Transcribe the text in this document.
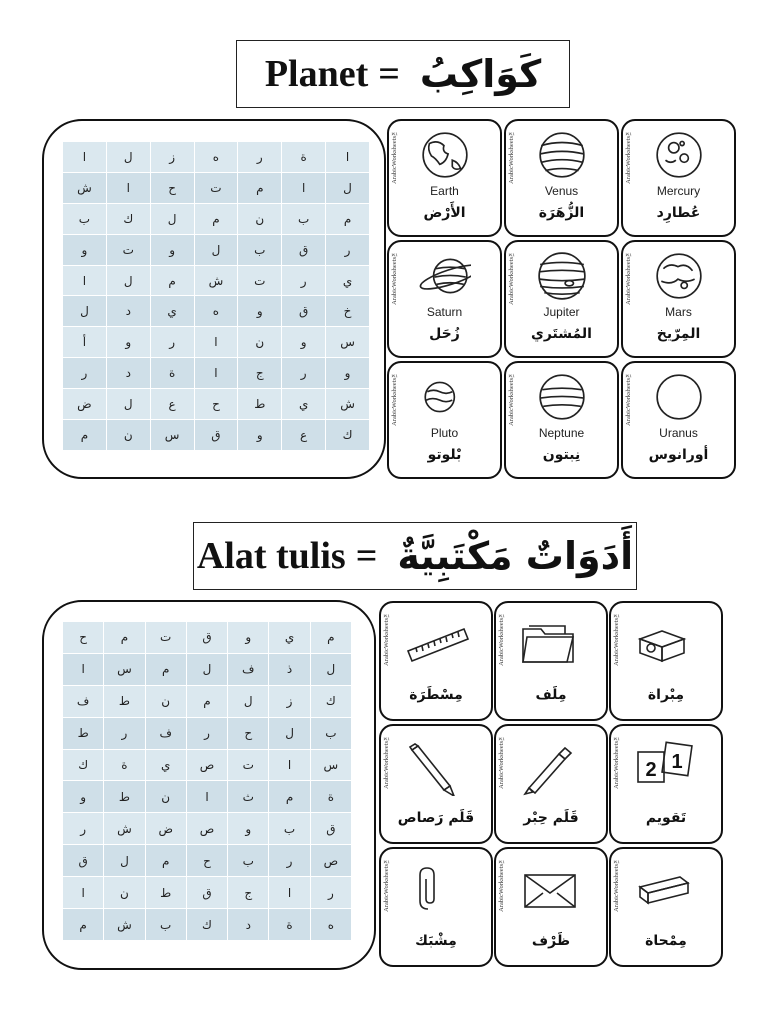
Planet = كَوَاكِبُ
ا	ل	ز	ه	ر	ة	ا
ش	ا	ح	ت	م	ا	ل
ب	ك	ل	م	ن	ب	م
و	ت	و	ل	ب	ق	ر
ا	ل	م	ش	ت	ر	ي
ل	د	ي	ه	و	ق	خ
أ	و	ر	ا	ن	و	س
ر	د	ة	ا	ج	ر	و
ض	ل	ع	ح	ط	ي	ش
م	ن	س	ق	و	ع	ك
ArabicWorksheets™
Mercury
عُطارِد
ArabicWorksheets™
Venus
الزُّهَرَة
ArabicWorksheets™
Earth
الأَرْض
ArabicWorksheets™
Mars
المِرّيخ
ArabicWorksheets™
Jupiter
المُشتَري
ArabicWorksheets™
Saturn
زُحَل
ArabicWorksheets™
Uranus
أورانوس
ArabicWorksheets™
Neptune
نِبتون
ArabicWorksheets™
Pluto
بْلوتو
Alat tulis = أَدَوَاتٌ مَكْتَبِيَّةٌ
ح	م	ت	ق	و	ي	م
ا	س	م	ل	ف	ذ	ل
ف	ط	ن	م	ل	ز	ك
ط	ر	ف	ر	ح	ل	ب
ك	ة	ي	ص	ت	ا	س
و	ط	ن	ا	ث	م	ة
ر	ش	ض	ص	و	ب	ق
ق	ل	م	ح	ب	ر	ص
ا	ن	ط	ق	ج	ا	ر
م	ش	ب	ك	د	ة	ه
ArabicWorksheets™
مِبْراة
ArabicWorksheets™
مِلَف
ArabicWorksheets™
مِسْطَرَة
ArabicWorksheets™ 2 1
تَقويم
ArabicWorksheets™
قَلَم حِبْر
ArabicWorksheets™
قَلَم رَصاص
ArabicWorksheets™
مِمْحاة
ArabicWorksheets™
ظَرْف
ArabicWorksheets™
مِشْبَك
